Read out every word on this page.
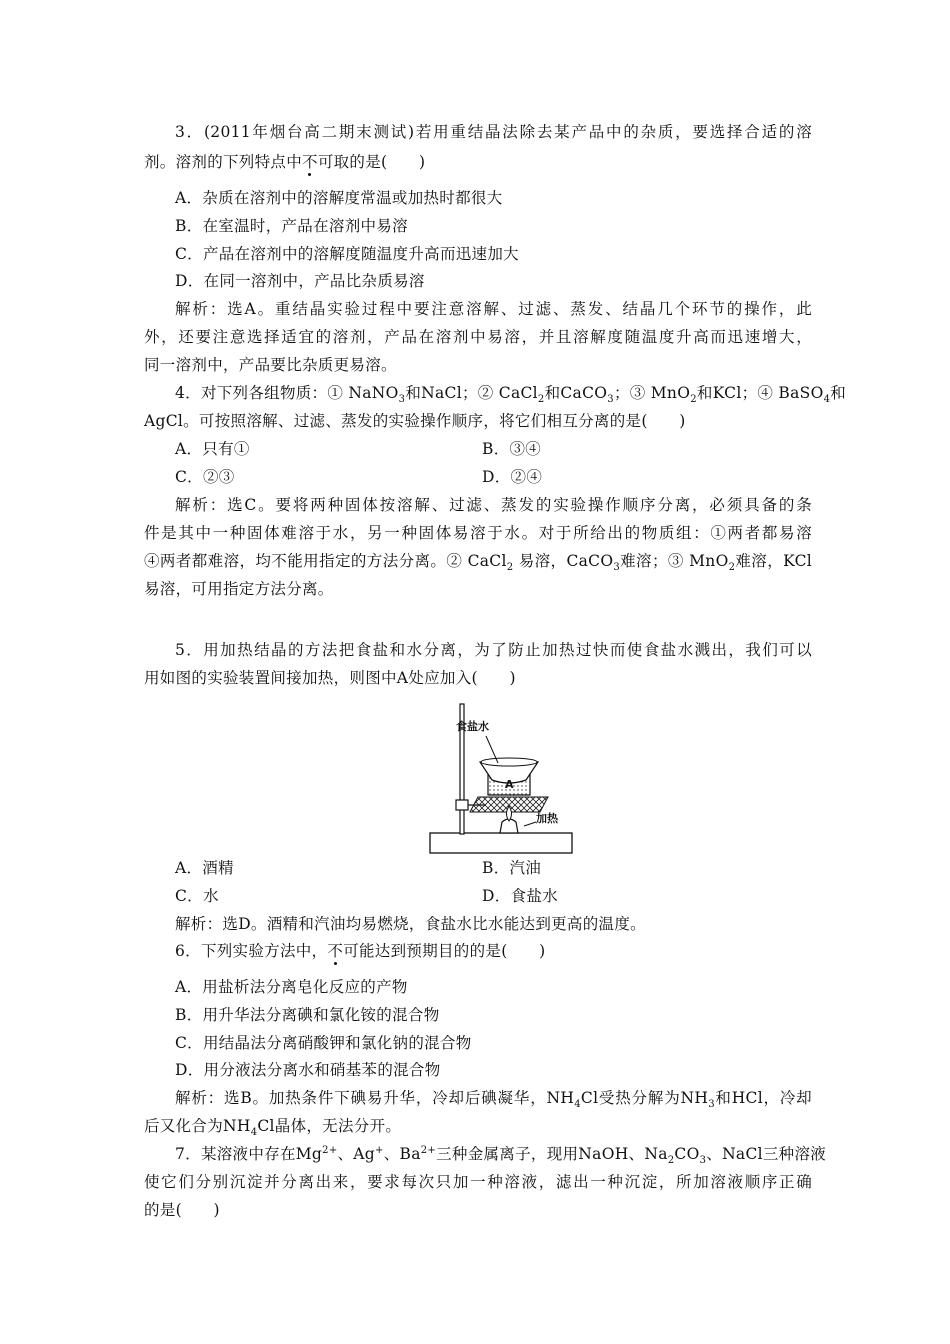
3．(2011年烟台高二期末测试)若用重结晶法除去某产品中的杂质，要选择合适的溶
剂。溶剂的下列特点中不可取的是(　　)
A．杂质在溶剂中的溶解度常温或加热时都很大
B．在室温时，产品在溶剂中易溶
C．产品在溶剂中的溶解度随温度升高而迅速加大
D．在同一溶剂中，产品比杂质易溶
解析：选A。重结晶实验过程中要注意溶解、过滤、蒸发、结晶几个环节的操作，此
外，还要注意选择适宜的溶剂，产品在溶剂中易溶，并且溶解度随温度升高而迅速增大，
同一溶剂中，产品要比杂质更易溶。
4．对下列各组物质：① NaNO$_3$和NaCl；② CaCl$_2$和CaCO$_3$；③ MnO$_2$和KCl；④ BaSO$_4$和
AgCl。可按照溶解、过滤、蒸发的实验操作顺序，将它们相互分离的是(　　)
A．只有①	B．③④
C．②③	D．②④
解析：选C。要将两种固体按溶解、过滤、蒸发的实验操作顺序分离，必须具备的条
件是其中一种固体难溶于水，另一种固体易溶于水。对于所给出的物质组：①两者都易溶
④两者都难溶，均不能用指定的方法分离。② CaCl$_2$ 易溶，CaCO$_3$难溶；③ MnO$_2$难溶，KCl
易溶，可用指定方法分离。
5．用加热结晶的方法把食盐和水分离，为了防止加热过快而使食盐水溅出，我们可以
用如图的实验装置间接加热，则图中A处应加入(　　)
食盐水
A
加热
A．酒精	B．汽油
C．水	D．食盐水
解析：选D。酒精和汽油均易燃烧，食盐水比水能达到更高的温度。
6．下列实验方法中，不可能达到预期目的的是(　　)
A．用盐析法分离皂化反应的产物
B．用升华法分离碘和氯化铵的混合物
C．用结晶法分离硝酸钾和氯化钠的混合物
D．用分液法分离水和硝基苯的混合物
解析：选B。加热条件下碘易升华，冷却后碘凝华，$NH_4Cl$受热分解为$NH_3$和HCl，冷却
后又化合为$NH_4Cl$晶体，无法分开。
7．某溶液中存在$Mg^{2+}$、Ag+、$Ba^{2+}$三种金属离子，现用NaOH、$Na_2CO_3$、NaCl三种溶液
使它们分别沉淀并分离出来，要求每次只加一种溶液，滤出一种沉淀，所加溶液顺序正确
的是(　　)
